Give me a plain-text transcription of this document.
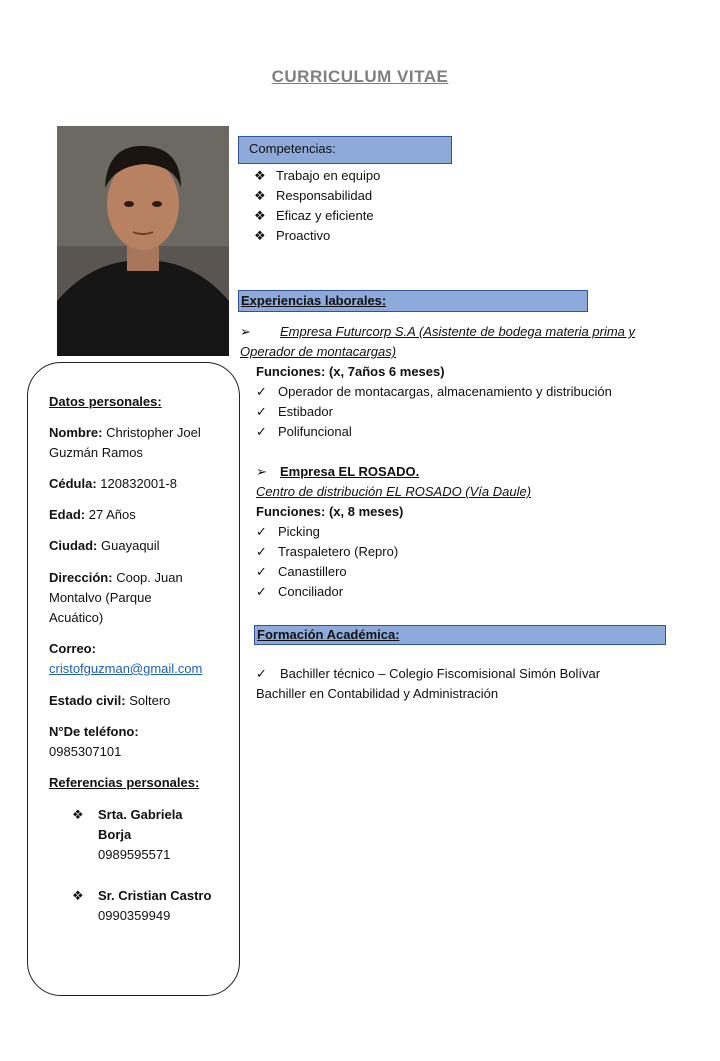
CURRICULUM VITAE
Competencias:
❖ Trabajo en equipo
❖ Responsabilidad
❖ Eficaz y eficiente
❖ Proactivo
Experiencias laborales:
➢ Empresa Futurcorp S.A (Asistente de bodega materia prima y
Operador de montacargas)
Funciones: (x, 7años 6 meses)
✓ Operador de montacargas, almacenamiento y distribución
✓ Estibador
✓ Polifuncional
➢ Empresa EL ROSADO.
Centro de distribución EL ROSADO (Vía Daule)
Funciones: (x, 8 meses)
✓ Picking
✓ Traspaletero (Repro)
✓ Canastillero
✓ Conciliador
Formación Académica:
✓ Bachiller técnico – Colegio Fiscomisional Simón Bolívar
Bachiller en Contabilidad y Administración
Datos personales:
Nombre: Christopher Joel
Guzmán Ramos
Cédula: 120832001-8
Edad: 27 Años
Ciudad: Guayaquil
Dirección: Coop. Juan
Montalvo (Parque
Acuático)
Correo:
cristofguzman@gmail.com
Estado civil: Soltero
N°De teléfono:
0985307101
Referencias personales:
❖ Srta. Gabriela
Borja
0989595571
❖ Sr. Cristian Castro
0990359949
